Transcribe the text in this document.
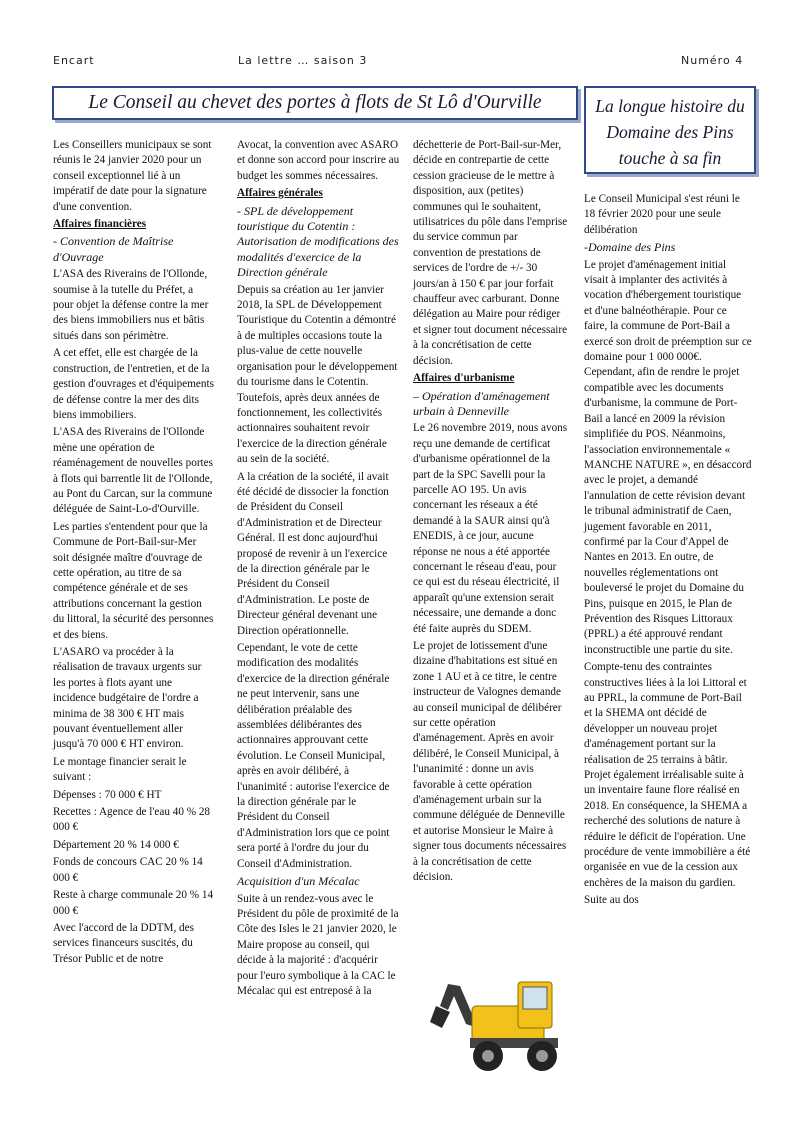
Encart	La lettre … saison 3	Numéro 4
Le Conseil au chevet des portes à flots de St Lô d'Ourville	La longue histoire du Domaine des Pins touche à sa fin

Les Conseillers municipaux se sont réunis le 24 janvier 2020 pour un conseil exceptionnel lié à un impératif de date pour la signature d'une convention.

Affaires financières

- Convention de Maîtrise d'Ouvrage

L'ASA des Riverains de l'Ollonde, soumise à la tutelle du Préfet, a pour objet la défense contre la mer des biens immobiliers nus et bâtis situés dans son périmètre.

A cet effet, elle est chargée de la construction, de l'entretien, et de la gestion d'ouvrages et d'équipements de défense contre la mer des dits biens immobiliers.

L'ASA des Riverains de l'Ollonde mène une opération de réaménagement de nouvelles portes à flots qui barrentle lit de l'Ollonde, au Pont du Carcan, sur la commune déléguée de Saint-Lo-d'Ourville.

Les parties s'entendent pour que la Commune de Port-Bail-sur-Mer soit désignée maître d'ouvrage de cette opération, au titre de sa compétence générale et de ses attributions concernant la gestion du littoral, la sécurité des personnes et des biens.

L'ASARO va procéder à la réalisation de travaux urgents sur les portes à flots ayant une incidence budgétaire de l'ordre a minima de 38 300 € HT mais pouvant éventuellement aller jusqu'à 70 000 € HT environ.

Le montage financier serait le suivant :

Dépenses : 70 000 € HT

Recettes : Agence de l'eau 40 % 28 000 €

Département 20 % 14 000 €

Fonds de concours CAC 20 % 14 000 €

Reste à charge communale 20 % 14 000 €

Avec l'accord de la DDTM, des services financeurs suscités, du Trésor Public et de notre

Avocat, la convention avec ASARO et donne son accord pour inscrire au budget les sommes nécessaires.

Affaires générales

- SPL de développement touristique du Cotentin : Autorisation de modifications des modalités d'exercice de la Direction générale

Depuis sa création au 1er janvier 2018, la SPL de Développement Touristique du Cotentin a démontré à de multiples occasions toute la plus-value de cette nouvelle organisation pour le développement du tourisme dans le Cotentin. Toutefois, après deux années de fonctionnement, les collectivités actionnaires souhaitent revoir l'exercice de la direction générale au sein de la société.

A la création de la société, il avait été décidé de dissocier la fonction de Président du Conseil d'Administration et de Directeur Général. Il est donc aujourd'hui proposé de revenir à un l'exercice de la direction générale par le Président du Conseil d'Administration. Le poste de Directeur général devenant une Direction opérationnelle.

Cependant, le vote de cette modification des modalités d'exercice de la direction générale ne peut intervenir, sans une délibération préalable des assemblées délibérantes des actionnaires approuvant cette évolution. Le Conseil Municipal, après en avoir délibéré, à l'unanimité : autorise l'exercice de la direction générale par le Président du Conseil d'Administration lors que ce point sera porté à l'ordre du jour du Conseil d'Administration.

Acquisition d'un Mécalac

Suite à un rendez-vous avec le Président du pôle de proximité de la Côte des Isles le 21 janvier 2020, le Maire propose au conseil, qui décide à la majorité : d'acquérir pour l'euro symbolique à la CAC le Mécalac qui est entreposé à la

déchetterie de Port-Bail-sur-Mer, décide en contrepartie de cette cession gracieuse de le mettre à disposition, aux (petites) communes qui le souhaitent, utilisatrices du pôle dans l'emprise du service commun par convention de prestations de services de l'ordre de +/- 30 jours/an à 150 € par jour forfait chauffeur avec carburant. Donne délégation au Maire pour rédiger et signer tout document nécessaire à la concrétisation de cette décision.

Affaires d'urbanisme

– Opération d'aménagement urbain à Denneville

Le 26 novembre 2019, nous avons reçu une demande de certificat d'urbanisme opérationnel de la part de la SPC Savelli pour la parcelle AO 195. Un avis concernant les réseaux a été demandé à la SAUR ainsi qu'à ENEDIS, à ce jour, aucune réponse ne nous a été apportée concernant le réseau d'eau, pour ce qui est du réseau électricité, il apparaît qu'une extension serait nécessaire, une demande a donc été faite auprès du SDEM.

Le projet de lotissement d'une dizaine d'habitations est situé en zone 1 AU et à ce titre, le centre instructeur de Valognes demande au conseil municipal de délibérer sur cette opération d'aménagement. Après en avoir délibéré, le Conseil Municipal, à l'unanimité : donne un avis favorable à cette opération d'aménagement urbain sur la commune déléguée de Denneville et autorise Monsieur le Maire à signer tous documents nécessaires à la concrétisation de cette décision.

Le Conseil Municipal s'est réuni le 18 février 2020 pour une seule délibération

-Domaine des Pins

Le projet d'aménagement initial visait à implanter des activités à vocation d'hébergement touristique et d'une balnéothérapie. Pour ce faire, la commune de Port-Bail a exercé son droit de préemption sur ce domaine pour 1 000 000€. Cependant, afin de rendre le projet compatible avec les documents d'urbanisme, la commune de Port-Bail a lancé en 2009 la révision simplifiée du POS. Néanmoins, l'association environnementale « MANCHE NATURE », en désaccord avec le projet, a demandé l'annulation de cette révision devant le tribunal administratif de Caen, jugement favorable en 2011, confirmé par la Cour d'Appel de Nantes en 2013. En outre, de nouvelles réglementations ont bouleversé le projet du Domaine du Pins, puisque en 2015, le Plan de Prévention des Risques Littoraux (PPRL) a été approuvé rendant inconstructible une partie du site.

Compte-tenu des contraintes constructives liées à la loi Littoral et au PPRL, la commune de Port-Bail et la SHEMA ont décidé de développer un nouveau projet d'aménagement portant sur la réalisation de 25 terrains à bâtir. Projet également irréalisable suite à un inventaire faune flore réalisé en 2018. En conséquence, la SHEMA a recherché des solutions de nature à réduire le déficit de l'opération. Une procédure de vente immobilière a été organisée en vue de la cession aux enchères de la maison du gardien.

Suite au dos
